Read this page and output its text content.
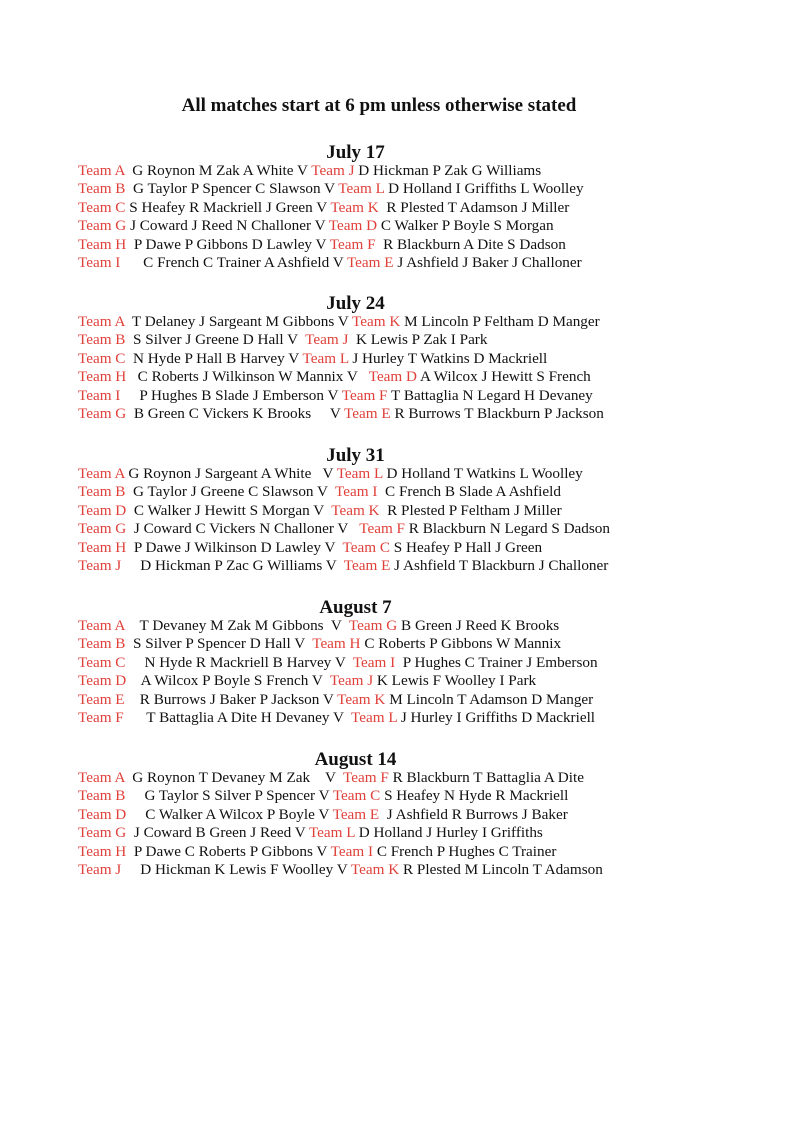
All matches start at 6 pm unless otherwise stated
July 17
Team A  G Roynon M Zak A White V Team J D Hickman P Zak G Williams
Team B  G Taylor P Spencer C Slawson V Team L D Holland I Griffiths L Woolley
Team C S Heafey R Mackriell J Green V Team K  R Plested T Adamson J Miller
Team G J Coward J Reed N Challoner V Team D C Walker P Boyle S Morgan
Team H  P Dawe P Gibbons D Lawley V Team F  R Blackburn A Dite S Dadson
Team I      C French C Trainer A Ashfield V Team E J Ashfield J Baker J Challoner
July 24
Team A  T Delaney J Sargeant M Gibbons V Team K M Lincoln P Feltham D Manger
Team B  S Silver J Greene D Hall V  Team J  K Lewis P Zak I Park
Team C  N Hyde P Hall B Harvey V Team L J Hurley T Watkins D Mackriell
Team H   C Roberts J Wilkinson W Mannix V   Team D A Wilcox J Hewitt S French
Team I     P Hughes B Slade J Emberson V Team F T Battaglia N Legard H Devaney
Team G  B Green C Vickers K Brooks     V Team E R Burrows T Blackburn P Jackson
July 31
Team A G Roynon J Sargeant A White   V Team L D Holland T Watkins L Woolley
Team B  G Taylor J Greene C Slawson V  Team I  C French B Slade A Ashfield
Team D  C Walker J Hewitt S Morgan V  Team K  R Plested P Feltham J Miller
Team G  J Coward C Vickers N Challoner V   Team F R Blackburn N Legard S Dadson
Team H  P Dawe J Wilkinson D Lawley V  Team C S Heafey P Hall J Green
Team J     D Hickman P Zac G Williams V  Team E J Ashfield T Blackburn J Challoner
August 7
Team A    T Devaney M Zak M Gibbons  V  Team G B Green J Reed K Brooks
Team B  S Silver P Spencer D Hall V  Team H C Roberts P Gibbons W Mannix
Team C     N Hyde R Mackriell B Harvey V  Team I  P Hughes C Trainer J Emberson
Team D    A Wilcox P Boyle S French V  Team J K Lewis F Woolley I Park
Team E    R Burrows J Baker P Jackson V Team K M Lincoln T Adamson D Manger
Team F      T Battaglia A Dite H Devaney V  Team L J Hurley I Griffiths D Mackriell
August 14
Team A  G Roynon T Devaney M Zak    V  Team F R Blackburn T Battaglia A Dite
Team B     G Taylor S Silver P Spencer V Team C S Heafey N Hyde R Mackriell
Team D     C Walker A Wilcox P Boyle V Team E  J Ashfield R Burrows J Baker
Team G  J Coward B Green J Reed V Team L D Holland J Hurley I Griffiths
Team H  P Dawe C Roberts P Gibbons V Team I C French P Hughes C Trainer
Team J     D Hickman K Lewis F Woolley V Team K R Plested M Lincoln T Adamson
